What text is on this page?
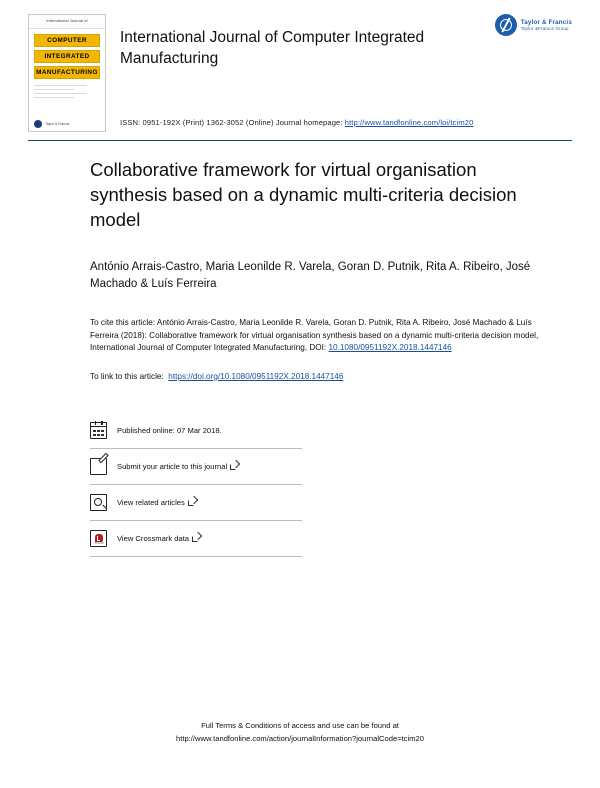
International Journal of
COMPUTER
INTEGRATED
MANUFACTURING
Taylor & Francis
International Journal of Computer Integrated Manufacturing
Taylor & Francis
Taylor &Francis Group
ISSN: 0951-192X (Print) 1362-3052 (Online) Journal homepage: http://www.tandfonline.com/loi/tcim20
Collaborative framework for virtual organisation synthesis based on a dynamic multi-criteria decision model
António Arrais-Castro, Maria Leonilde R. Varela, Goran D. Putnik, Rita A. Ribeiro, José Machado & Luís Ferreira
To cite this article: António Arrais-Castro, Maria Leonilde R. Varela, Goran D. Putnik, Rita A. Ribeiro, José Machado & Luís Ferreira (2018): Collaborative framework for virtual organisation synthesis based on a dynamic multi-criteria decision model, International Journal of Computer Integrated Manufacturing, DOI: 10.1080/0951192X.2018.1447146
To link to this article: https://doi.org/10.1080/0951192X.2018.1447146
Published online: 07 Mar 2018.
Submit your article to this journal
View related articles
View Crossmark data
Full Terms & Conditions of access and use can be found at
http://www.tandfonline.com/action/journalInformation?journalCode=tcim20
